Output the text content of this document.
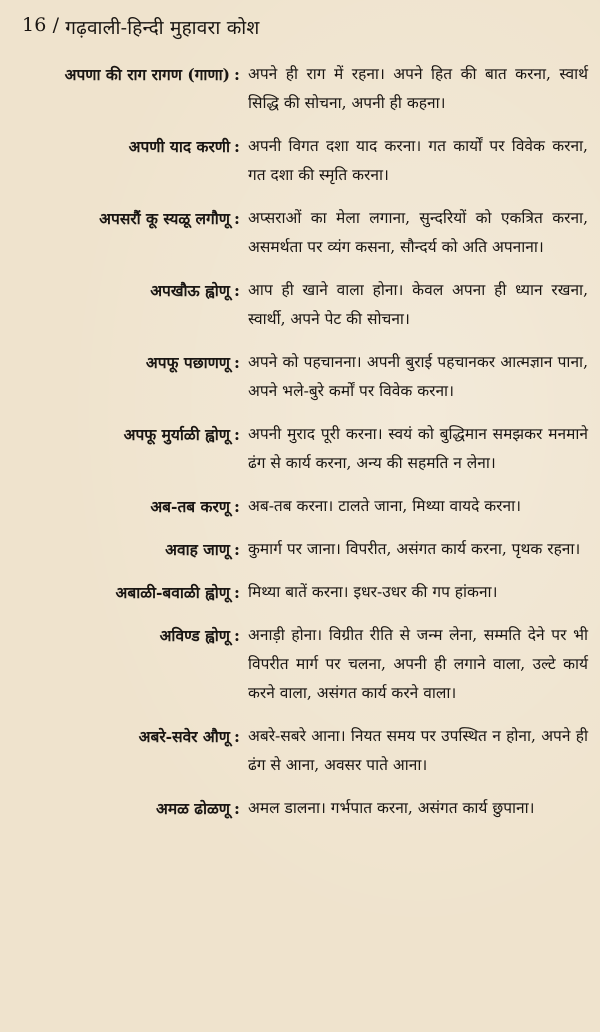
16 / गढ़वाली-हिन्दी मुहावरा कोश
अपणा की राग रागण (गाणा) : अपने ही राग में रहना। अपने हित की बात करना, स्वार्थ सिद्धि की सोचना, अपनी ही कहना।
अपणी याद करणी : अपनी विगत दशा याद करना। गत कार्यों पर विवेक करना, गत दशा की स्मृति करना।
अपसरौं कू स्यळू लगौणू : अप्सराओं का मेला लगाना, सुन्दरियों को एकत्रित करना, असमर्थता पर व्यंग कसना, सौन्दर्य को अति अपनाना।
अपखौऊ ह्वोणू : आप ही खाने वाला होना। केवल अपना ही ध्यान रखना, स्वार्थी, अपने पेट की सोचना।
अपफू पछाणणू : अपने को पहचानना। अपनी बुराई पहचानकर आत्मज्ञान पाना, अपने भले-बुरे कर्मों पर विवेक करना।
अपफू मुर्याळी ह्वोणू : अपनी मुराद पूरी करना। स्वयं को बुद्धिमान समझकर मनमाने ढंग से कार्य करना, अन्य की सहमति न लेना।
अब-तब करणू : अब-तब करना। टालते जाना, मिथ्या वायदे करना।
अवाह जाणू : कुमार्ग पर जाना। विपरीत, असंगत कार्य करना, पृथक रहना।
अबाळी-बवाळी ह्वोणू : मिथ्या बातें करना। इधर-उधर की गप हांकना।
अविण्ड ह्वोणू : अनाड़ी होना। विग्रीत रीति से जन्म लेना, सम्मति देने पर भी विपरीत मार्ग पर चलना, अपनी ही लगाने वाला, उल्टे कार्य करने वाला, असंगत कार्य करने वाला।
अबरे-सवेर औणू : अबरे-सबरे आना। नियत समय पर उपस्थित न होना, अपने ही ढंग से आना, अवसर पाते आना।
अमळ ढोळणू : अमल डालना। गर्भपात करना, असंगत कार्य छुपाना।
